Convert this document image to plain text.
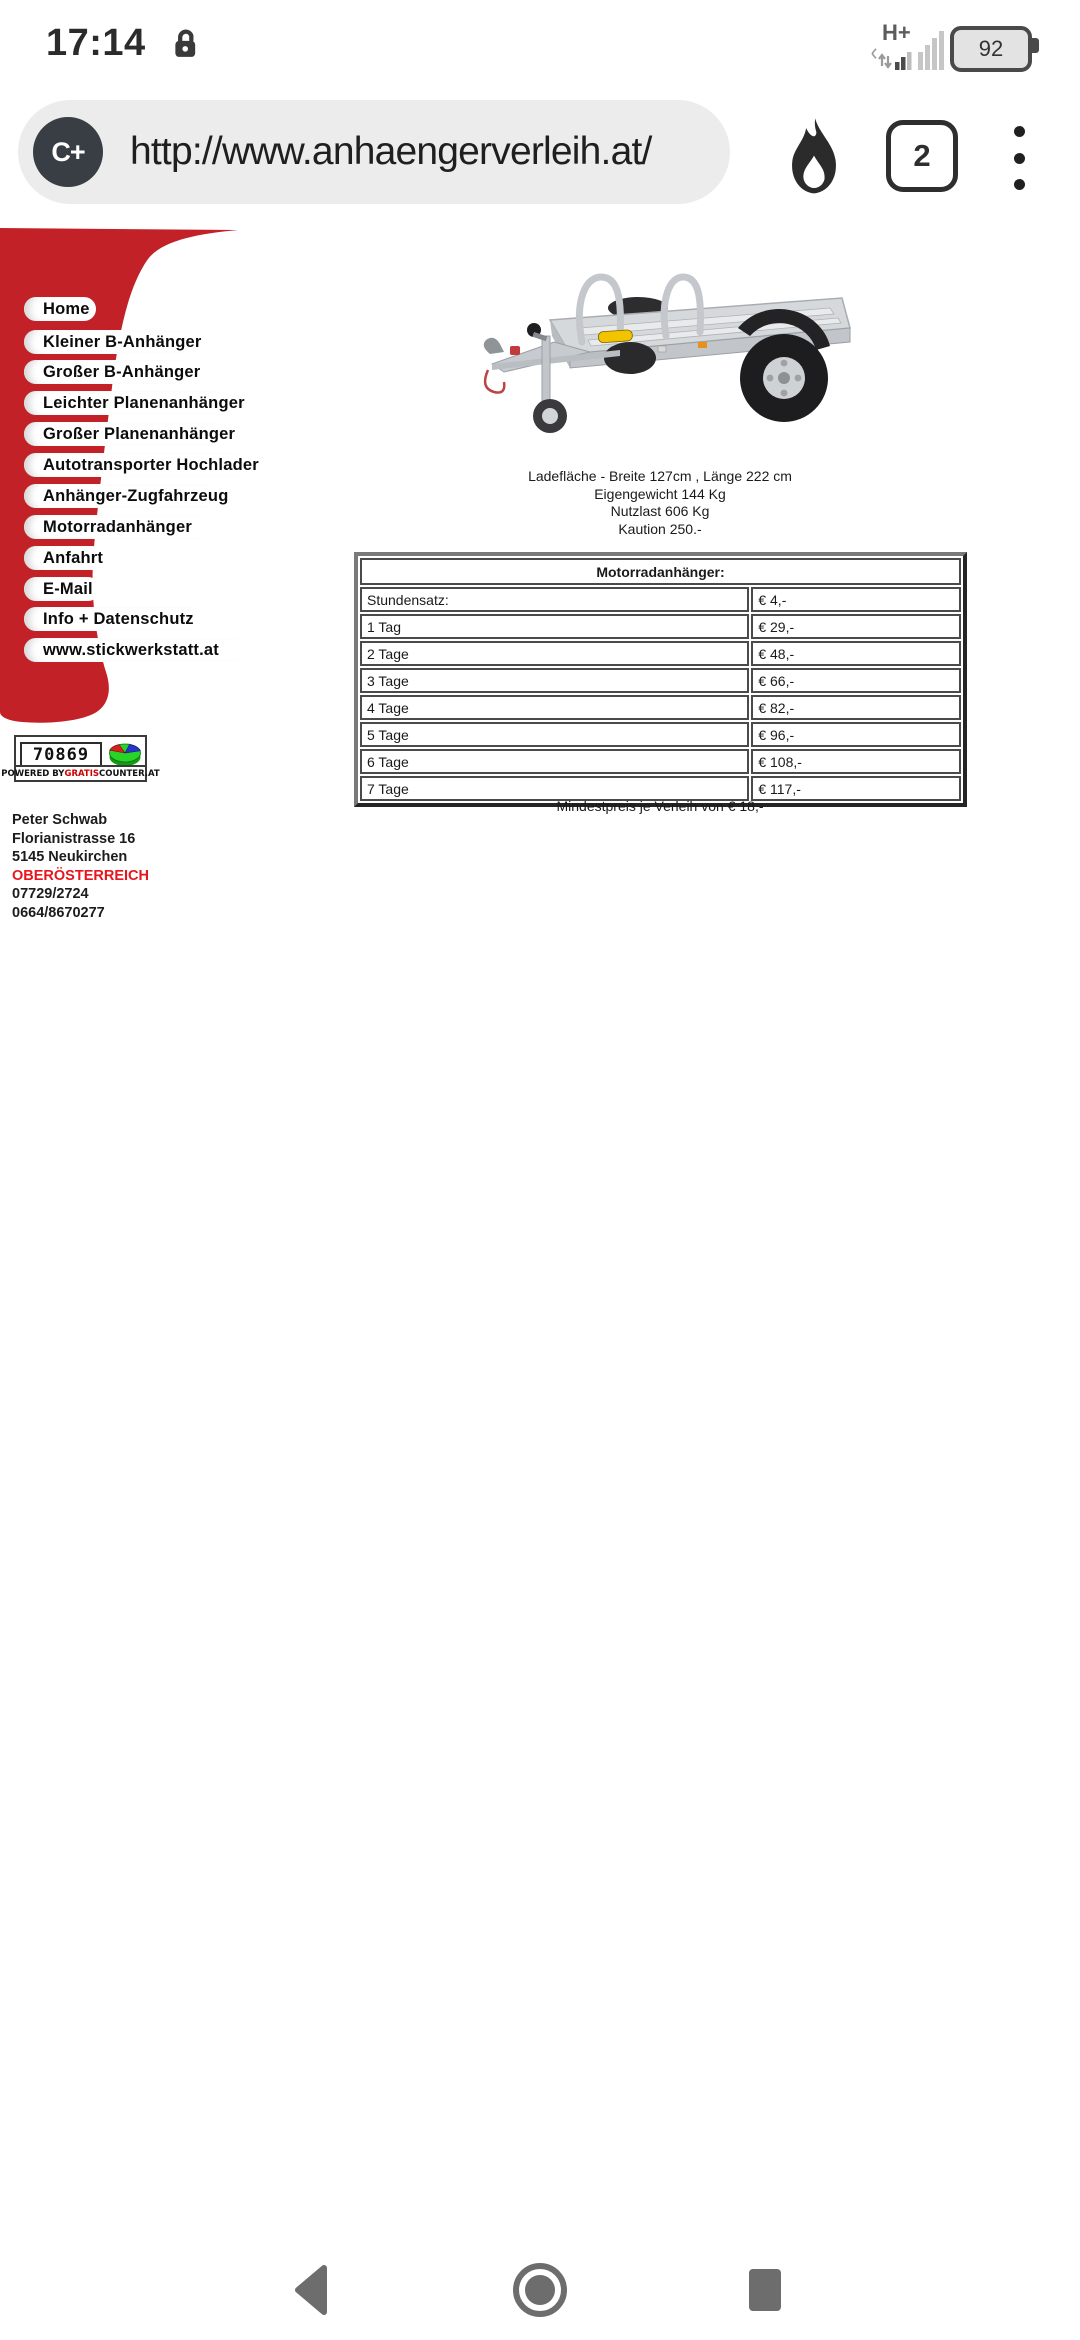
17:14	H+
92
C+	http://www.anhaengerverleih.at/	2
Home
Kleiner B-Anhänger
Großer B-Anhänger
Leichter Planenanhänger
Großer Planenanhänger
Autotransporter Hochlader
Anhänger-Zugfahrzeug
Motorradanhänger
Anfahrt
E-Mail
Info + Datenschutz
www.stickwerkstatt.at
70869
POWERED BY GRATIS COUNTER.AT
Peter Schwab
Florianistrasse 16
5145 Neukirchen
OBERÖSTERREICH
07729/2724
0664/8670277
Ladefläche - Breite 127cm , Länge 222 cm
Eigengewicht 144 Kg
Nutzlast 606 Kg
Kaution 250.-
Motorradanhänger:	
Stundensatz:	€ 4,-
1 Tag	€ 29,-
2 Tage	€ 48,-
3 Tage	€ 66,-
4 Tage	€ 82,-
5 Tage	€ 96,-
6 Tage	€ 108,-
7 Tage	€ 117,-
Mindestpreis je Verleih von € 18,-
